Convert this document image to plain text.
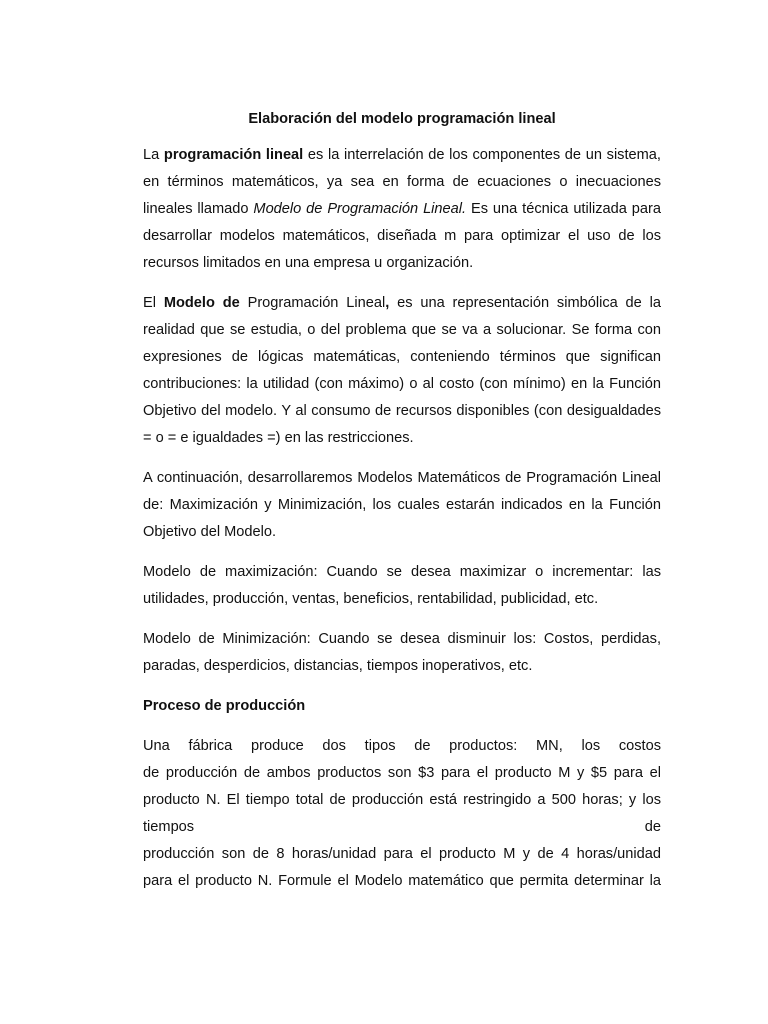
Elaboración del modelo programación lineal

La programación lineal es la interrelación de los componentes de un sistema, en términos matemáticos, ya sea en forma de ecuaciones o inecuaciones lineales llamado Modelo de Programación Lineal. Es una técnica utilizada para desarrollar modelos matemáticos, diseñada m para optimizar el uso de los recursos limitados en una empresa u organización.

El Modelo de Programación Lineal, es una representación simbólica de la realidad que se estudia, o del problema que se va a solucionar. Se forma con expresiones de lógicas matemáticas, conteniendo términos que significan contribuciones: la utilidad (con máximo) o al costo (con mínimo) en la Función Objetivo del modelo. Y al consumo de recursos disponibles (con desigualdades = o = e igualdades =) en las restricciones.

A continuación, desarrollaremos Modelos Matemáticos de Programación Lineal de: Maximización y Minimización, los cuales estarán indicados en la Función Objetivo del Modelo.

Modelo de maximización: Cuando se desea maximizar o incrementar: las utilidades, producción, ventas, beneficios, rentabilidad, publicidad, etc.

Modelo de Minimización: Cuando se desea disminuir los: Costos, perdidas, paradas, desperdicios, distancias, tiempos inoperativos, etc.

Proceso de producción
Una fábrica produce dos tipos de productos: MN, los costos
de producción de ambos productos son $3 para el producto M y $5 para el
producto N. El tiempo total de producción está restringido a 500 horas; y los
tiempos	de
producción son de 8 horas/unidad para el producto M y de 4 horas/unidad
para el producto N. Formule el Modelo matemático que permita determinar la
